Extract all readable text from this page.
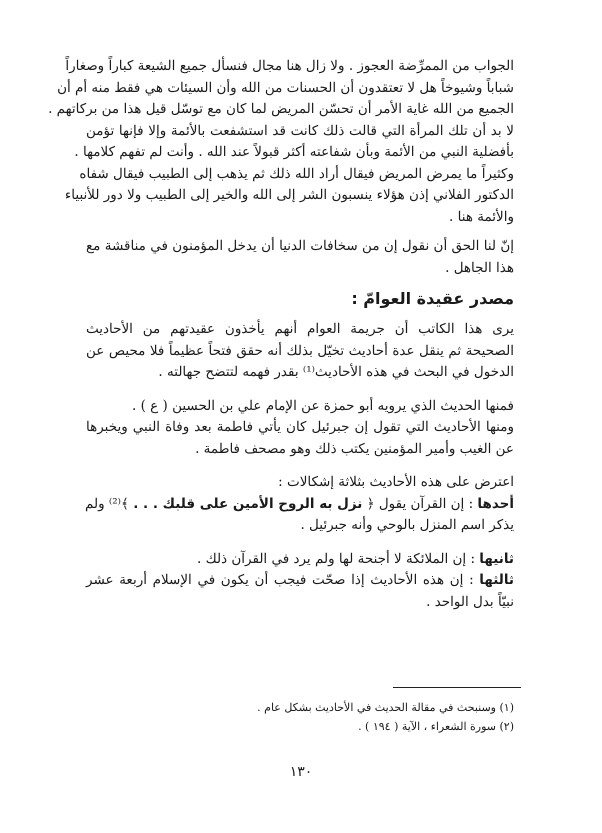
الجواب من الممرِّضة العجوز . ولا زال هنا مجال فنسأل جميع الشيعة كباراً وصغاراً
شباباً وشيوخاً هل لا تعتقدون أن الحسنات من الله وأن السيئات هي فقط منه أم أن
الجميع من الله غاية الأمر أن تحسّن المريض لما كان مع توسّل قيل هذا من بركاتهم .
لا بد أن تلك المرأة التي قالت ذلك كانت قد استشفعت بالأئمة وإلا فإنها تؤمن
بأفضلية النبي من الأئمة وبأن شفاعته أكثر قبولاً عند الله . وأنت لم تفهم كلامها .
وكثيراً ما يمرض المريض فيقال أراد الله ذلك ثم يذهب إلى الطبيب فيقال شفاه
الدكتور الفلاني إذن هؤلاء ينسبون الشر إلى الله والخير إلى الطبيب ولا دور للأنبياء
والأئمة هنا .
إنّ لنا الحق أن نقول إن من سخافات الدنيا أن يدخل المؤمنون في مناقشة مع
هذا الجاهل .
مصدر عقيدة العوامّ :
يرى هذا الكاتب أن جريمة العوام أنهم يأخذون عقيدتهم من الأحاديث
الصحيحة ثم ينقل عدة أحاديث تخيّل بذلك أنه حقق فتحاً عظيماً فلا محيص عن
الدخول في البحث في هذه الأحاديث⁽¹⁾ بقدر فهمه لتتضح جهالته .
فمنها الحديث الذي يرويه أبو حمزة عن الإمام علي بن الحسين ( ع ) .
ومنها الأحاديث التي تقول إن جبرئيل كان يأتي فاطمة بعد وفاة النبي ويخبرها
عن الغيب وأمير المؤمنين يكتب ذلك وهو مصحف فاطمة .
اعترض على هذه الأحاديث بثلاثة إشكالات :
أحدها : إن القرآن يقول ﴿ نزل به الروح الأمين على قلبك . . . ﴾⁽²⁾ ولم
يذكر اسم المنزل بالوحي وأنه جبرئيل .
ثانيها : إن الملائكة لا أجنحة لها ولم يرد في القرآن ذلك .
ثالثها : إن هذه الأحاديث إذا صحّت فيجب أن يكون في الإسلام أربعة عشر
نبيّاً بدل الواحد .
(١) وسنبحث في مقالة الحديث في الأحاديث بشكل عام .
(٢) سورة الشعراء ، الآية ( ١٩٤ ) .
١٣٠
